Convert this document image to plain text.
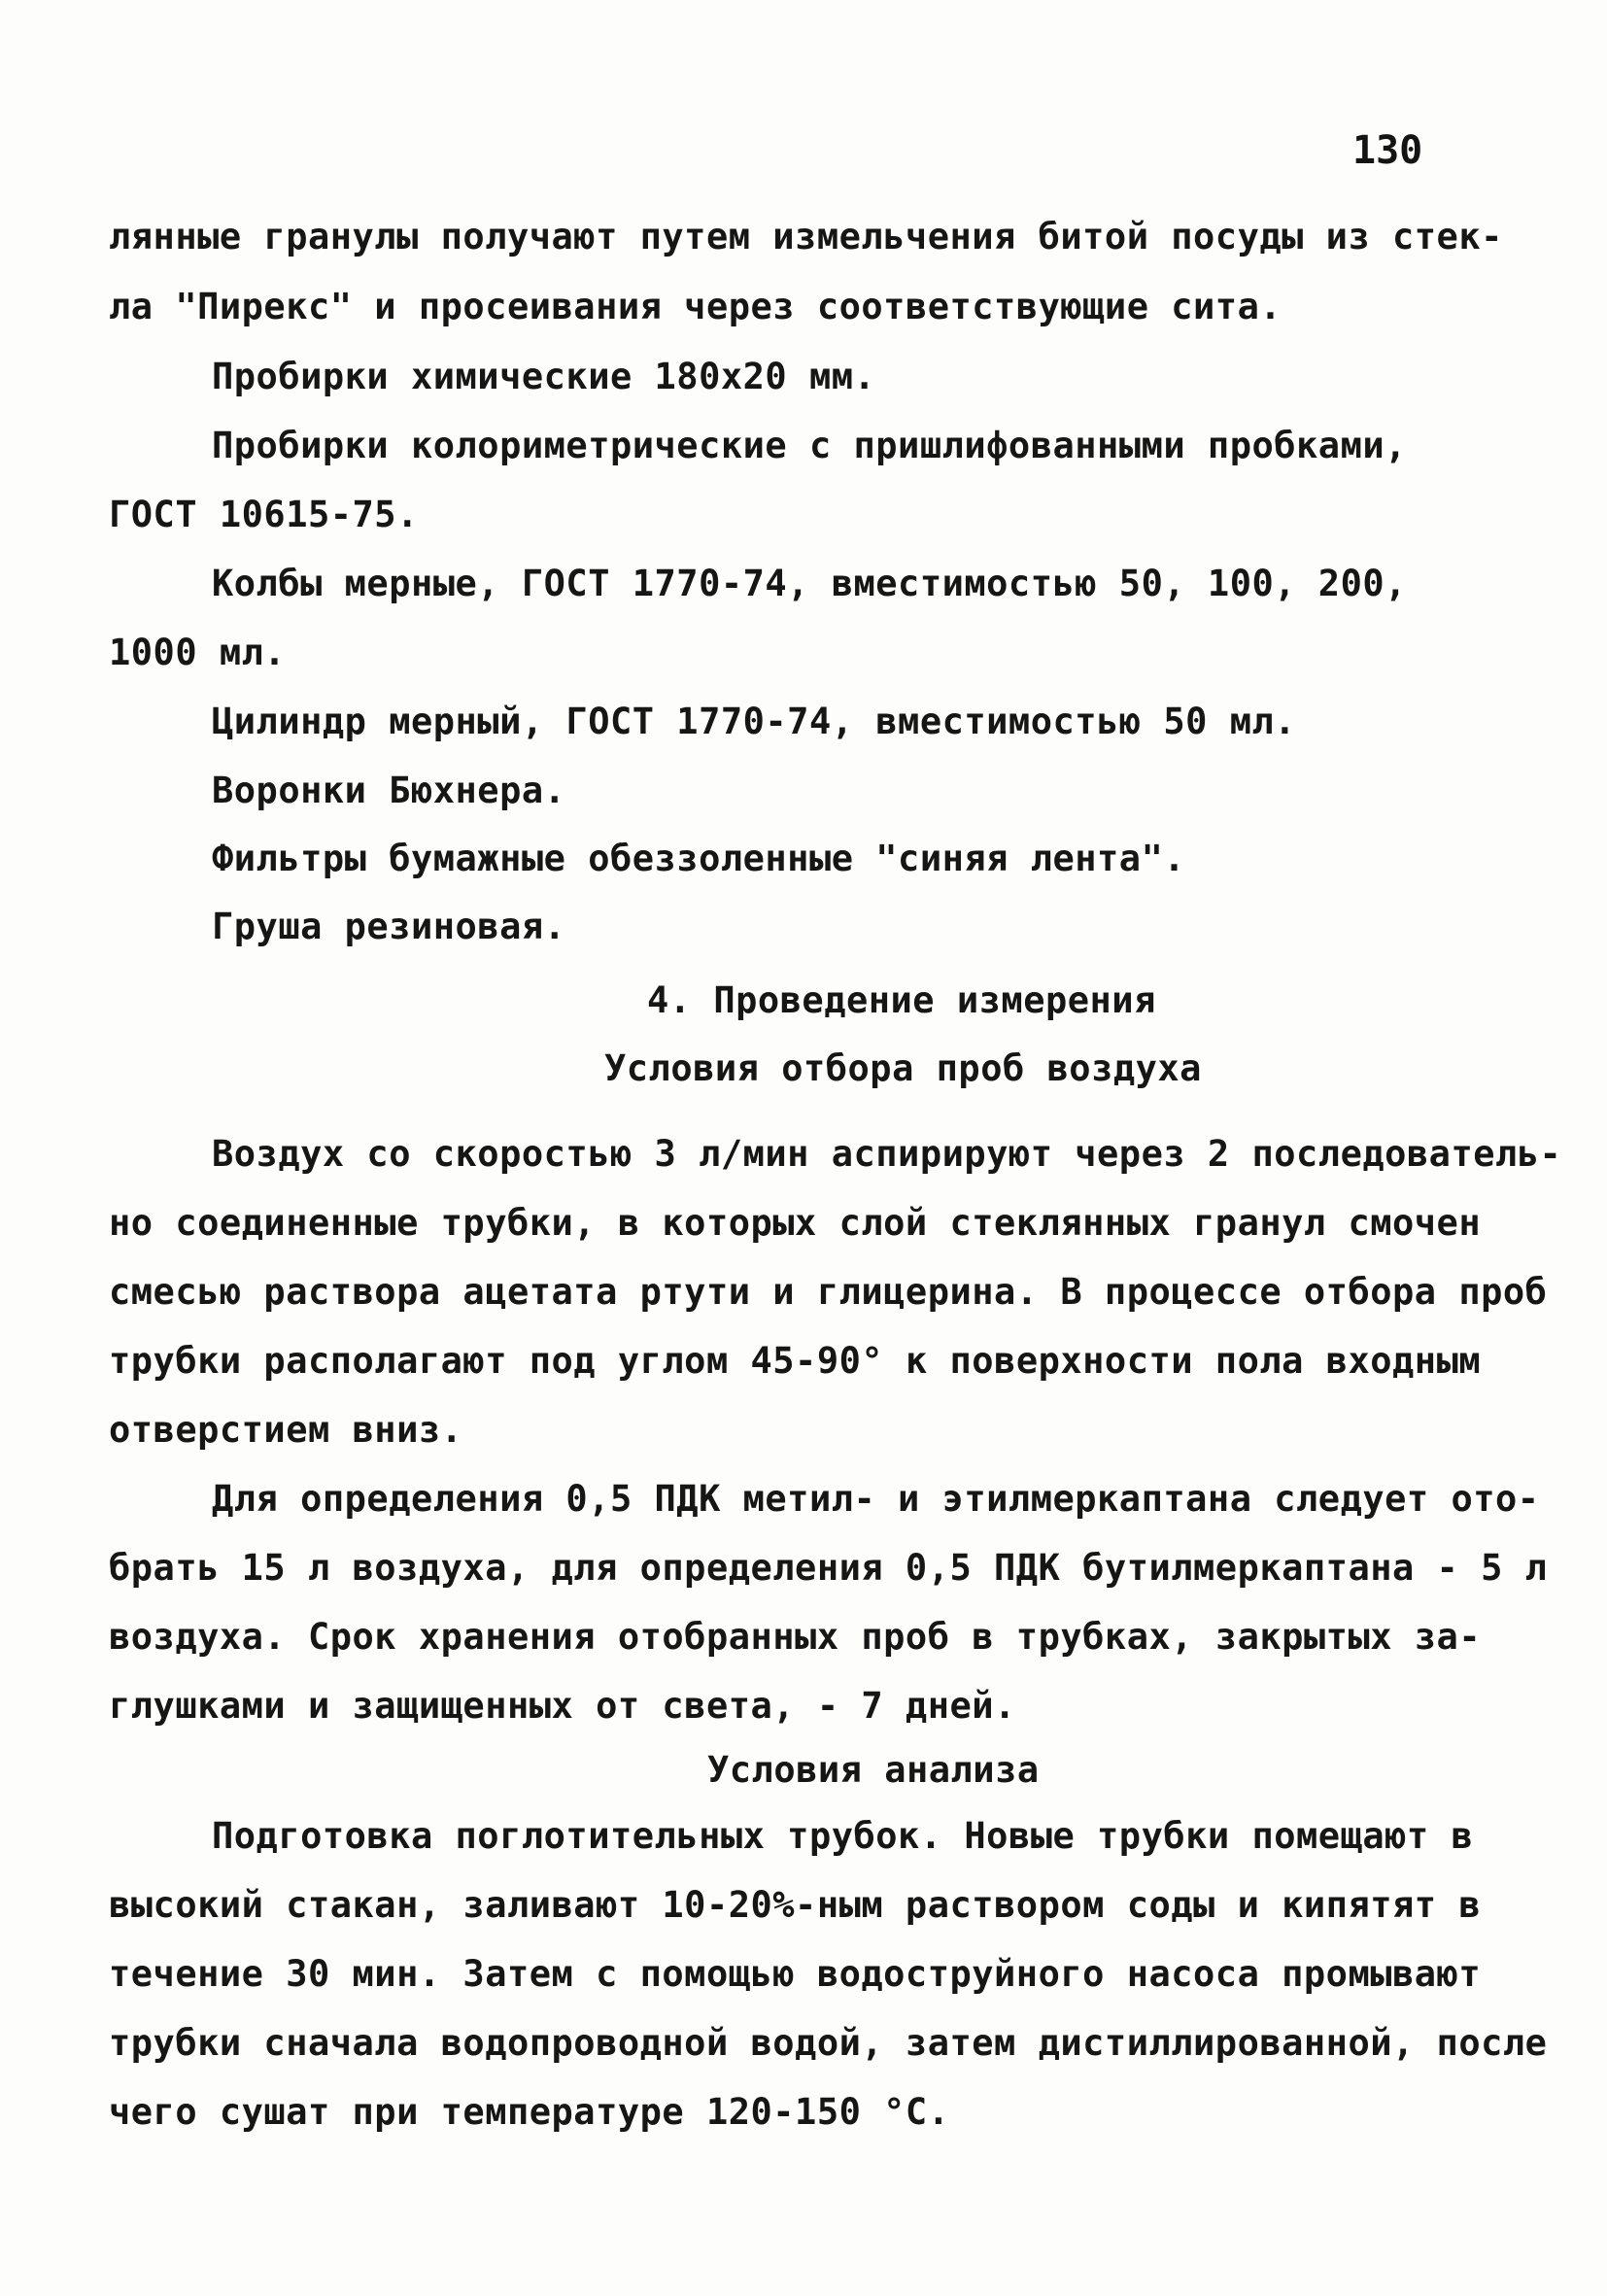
130
лянные гранулы получают путем измельчения битой посуды из стек-
ла "Пирекс" и просеивания через соответствующие сита.
Пробирки химические 180х20 мм.
Пробирки колориметрические с пришлифованными пробками,
ГОСТ 10615-75.
Колбы мерные, ГОСТ 1770-74, вместимостью 50, 100, 200,
1000 мл.
Цилиндр мерный, ГОСТ 1770-74, вместимостью 50 мл.
Воронки Бюхнера.
Фильтры бумажные обеззоленные "синяя лента".
Груша резиновая.
4. Проведение измерения
Условия отбора проб воздуха
Воздух со скоростью 3 л/мин аспирируют через 2 последователь-
но соединенные трубки, в которых слой стеклянных гранул смочен
смесью раствора ацетата ртути и глицерина. В процессе отбора проб
трубки располагают под углом 45-90° к поверхности пола входным
отверстием вниз.
Для определения 0,5 ПДК метил- и этилмеркаптана следует ото-
брать 15 л воздуха, для определения 0,5 ПДК бутилмеркаптана - 5 л
воздуха. Срок хранения отобранных проб в трубках, закрытых за-
глушками и защищенных от света, - 7 дней.
Условия анализа
Подготовка поглотительных трубок. Новые трубки помещают в
высокий стакан, заливают 10-20%-ным раствором соды и кипятят в
течение 30 мин. Затем с помощью водоструйного насоса промывают
трубки сначала водопроводной водой, затем дистиллированной, после
чего сушат при температуре 120-150 °С.
